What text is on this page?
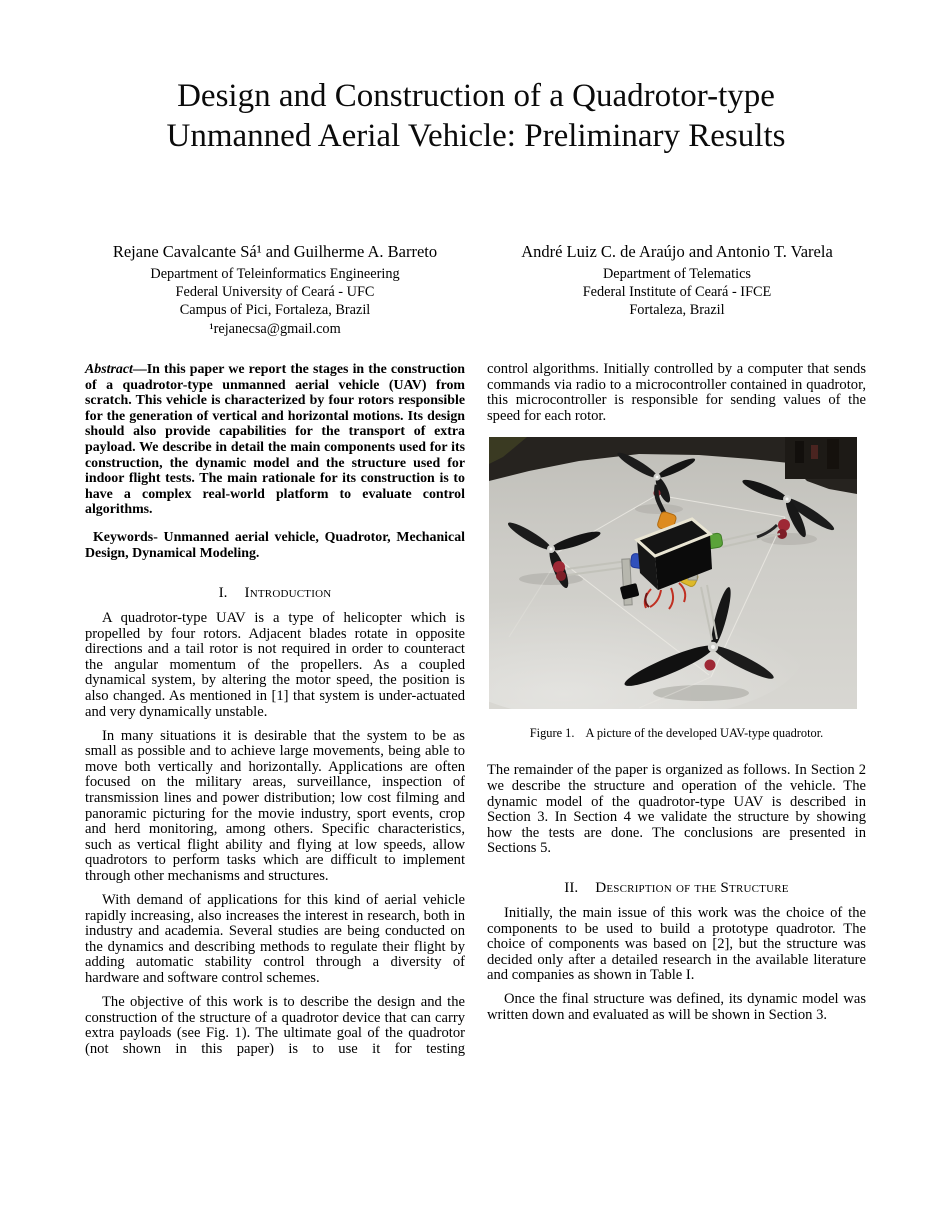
Design and Construction of a Quadrotor-type
Unmanned Aerial Vehicle: Preliminary Results
Rejane Cavalcante Sá¹ and Guilherme A. Barreto
Department of Teleinformatics Engineering
Federal University of Ceará - UFC
Campus of Pici, Fortaleza, Brazil
¹rejanecsa@gmail.com
André Luiz C. de Araújo and Antonio T. Varela
Department of Telematics
Federal Institute of Ceará - IFCE
Fortaleza, Brazil

Abstract—In this paper we report the stages in the construction of a quadrotor-type unmanned aerial vehicle (UAV) from scratch. This vehicle is characterized by four rotors responsible for the generation of vertical and horizontal motions. Its design should also provide capabilities for the transport of extra payload. We describe in detail the main components used for its construction, the dynamic model and the structure used for indoor flight tests. The main rationale for its construction is to have a complex real-world platform to evaluate control algorithms.

Keywords- Unmanned aerial vehicle, Quadrotor, Mechanical Design, Dynamical Modeling.

I. Introduction

A quadrotor-type UAV is a type of helicopter which is propelled by four rotors. Adjacent blades rotate in opposite directions and a tail rotor is not required in order to counteract the angular momentum of the propellers. As a coupled dynamical system, by altering the motor speed, the position is also changed. As mentioned in [1] that system is under-actuated and very dynamically unstable.

In many situations it is desirable that the system to be as small as possible and to achieve large movements, being able to move both vertically and horizontally. Applications are often focused on the military areas, surveillance, inspection of transmission lines and power distribution; low cost filming and panoramic picturing for the movie industry, sport events, crop and herd monitoring, among others. Specific characteristics, such as vertical flight ability and flying at low speeds, allow quadrotors to perform tasks which are difficult to implement through other mechanisms and structures.

With demand of applications for this kind of aerial vehicle rapidly increasing, also increases the interest in research, both in industry and academia. Several studies are being conducted on the dynamics and describing methods to regulate their flight by adding automatic stability control through a diversity of hardware and software control schemes.

The objective of this work is to describe the design and the construction of the structure of a quadrotor device that can carry extra payloads (see Fig. 1). The ultimate goal of the quadrotor (not shown in this paper) is to use it for testing

control algorithms. Initially controlled by a computer that sends commands via radio to a microcontroller contained in quadrotor, this microcontroller is responsible for sending values of the speed for each rotor.

Figure 1. A picture of the developed UAV-type quadrotor.

The remainder of the paper is organized as follows. In Section 2 we describe the structure and operation of the vehicle. The dynamic model of the quadrotor-type UAV is described in Section 3. In Section 4 we validate the structure by showing how the tests are done. The conclusions are presented in Sections 5.

II. Description of the Structure

Initially, the main issue of this work was the choice of the components to be used to build a prototype quadrotor. The choice of components was based on [2], but the structure was decided only after a detailed research in the available literature and companies as shown in Table I.

Once the final structure was defined, its dynamic model was written down and evaluated as will be shown in Section 3.
